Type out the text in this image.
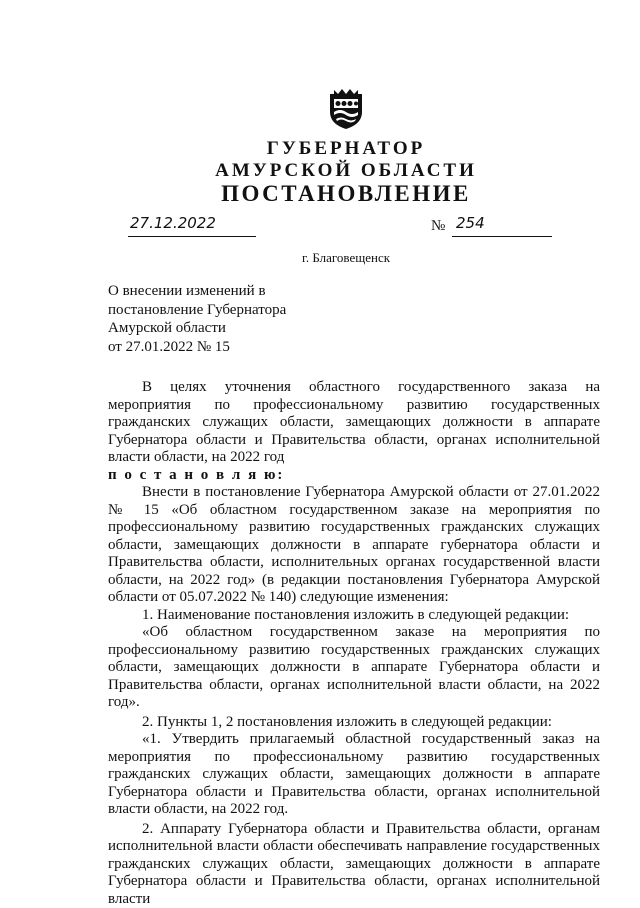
ГУБЕРНАТОР
АМУРСКОЙ ОБЛАСТИ
ПОСТАНОВЛЕНИЕ
27.12.2022	№ 254
г. Благовещенск
О внесении изменений в
постановление Губернатора
Амурской области
от 27.01.2022 № 15

В целях уточнения областного государственного заказа на мероприятия по профессиональному развитию государственных гражданских служащих области, замещающих должности в аппарате Губернатора области и Правительства области, органах исполнительной власти области, на 2022 год

п о с т а н о в л я ю:

Внести в постановление Губернатора Амурской области от 27.01.2022 № 15 «Об областном государственном заказе на мероприятия по профессиональному развитию государственных гражданских служащих области, замещающих должности в аппарате губернатора области и Правительства области, исполнительных органах государственной власти области, на 2022 год» (в редакции постановления Губернатора Амурской области от 05.07.2022 № 140) следующие изменения:

1. Наименование постановления изложить в следующей редакции:

«Об областном государственном заказе на мероприятия по профессиональному развитию государственных гражданских служащих области, замещающих должности в аппарате Губернатора области и Правительства области, органах исполнительной власти области, на 2022 год».

2. Пункты 1, 2 постановления изложить в следующей редакции:

«1. Утвердить прилагаемый областной государственный заказ на мероприятия по профессиональному развитию государственных гражданских служащих области, замещающих должности в аппарате Губернатора области и Правительства области, органах исполнительной власти области, на 2022 год.

2. Аппарату Губернатора области и Правительства области, органам исполнительной власти области обеспечивать направление государственных гражданских служащих области, замещающих должности в аппарате Губернатора области и Правительства области, органах исполнительной власти
